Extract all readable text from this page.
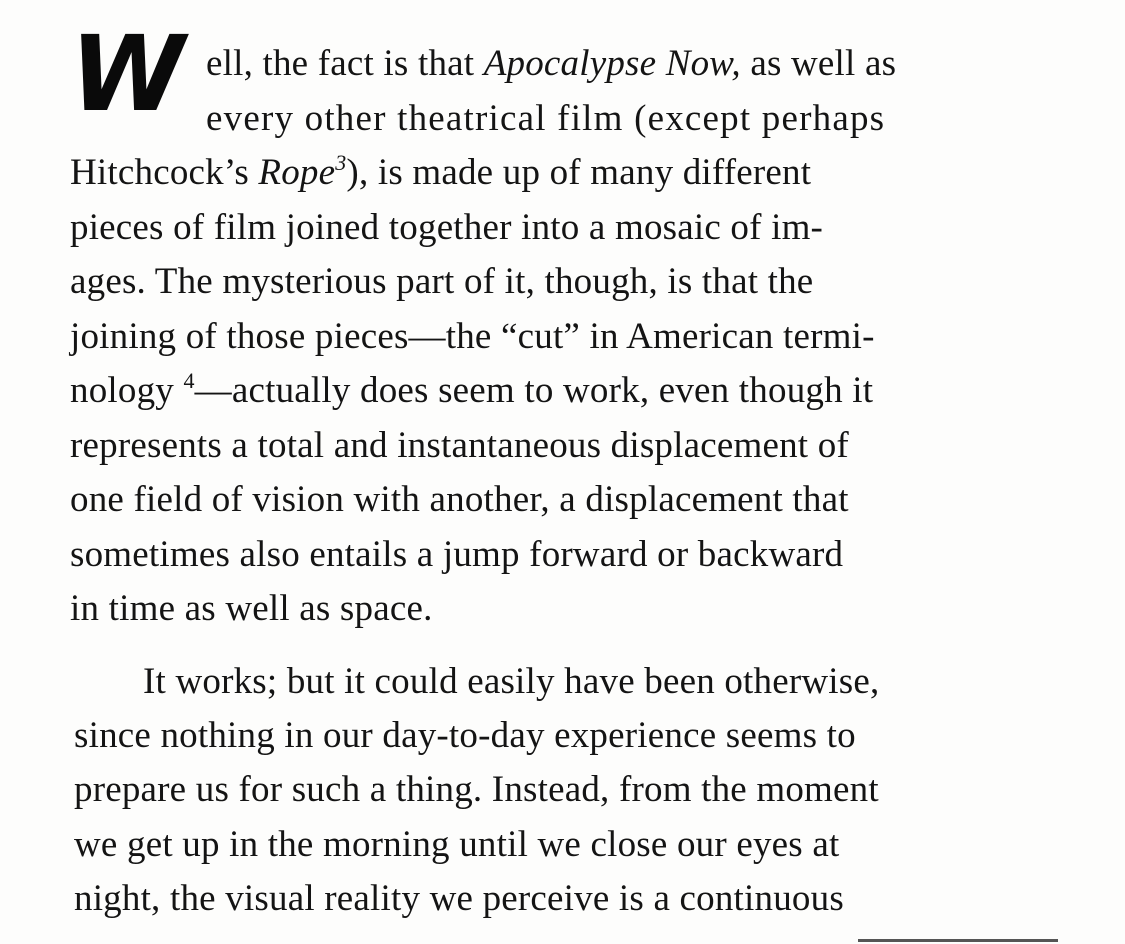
W ell, the fact is that Apocalypse Now, as well as
every other theatrical film (except perhaps
Hitchcock’s Rope$^3$), is made up of many different
pieces of film joined together into a mosaic of im-
ages. The mysterious part of it, though, is that the
joining of those pieces—the “cut” in American termi-
nology $^4$—actually does seem to work, even though it
represents a total and instantaneous displacement of
one field of vision with another, a displacement that
sometimes also entails a jump forward or backward
in time as well as space.
It works; but it could easily have been otherwise,
since nothing in our day-to-day experience seems to
prepare us for such a thing. Instead, from the moment
we get up in the morning until we close our eyes at
night, the visual reality we perceive is a continuous
